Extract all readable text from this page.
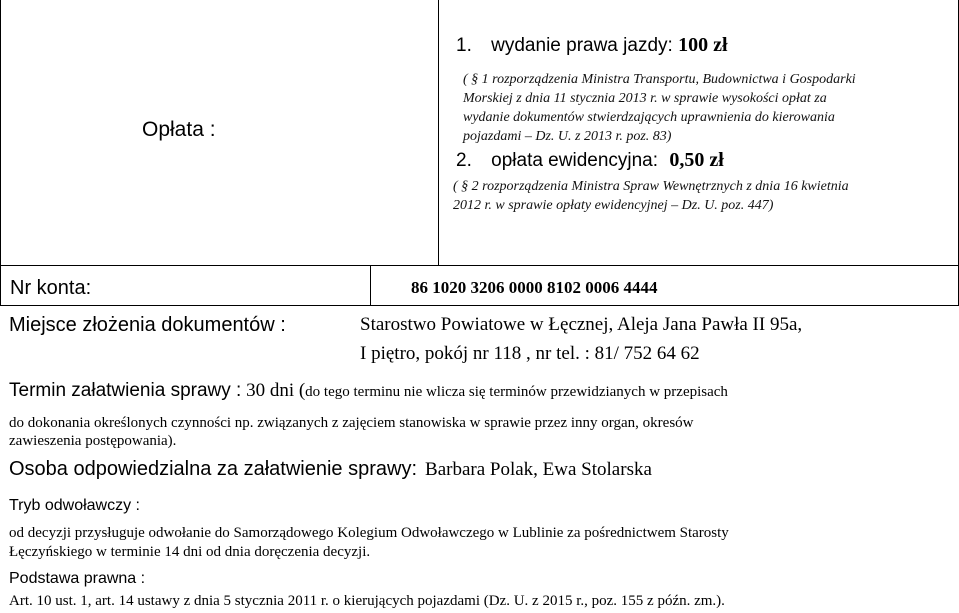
Opłata :
1. wydanie prawa jazdy: 100 zł
( § 1 rozporządzenia Ministra Transportu, Budownictwa i Gospodarki
Morskiej z dnia 11 stycznia 2013 r. w sprawie wysokości opłat za
wydanie dokumentów stwierdzających uprawnienia do kierowania
pojazdami – Dz. U. z 2013 r. poz. 83)
2. opłata ewidencyjna: 0,50 zł
( § 2 rozporządzenia Ministra Spraw Wewnętrznych z dnia 16 kwietnia
2012 r. w sprawie opłaty ewidencyjnej – Dz. U. poz. 447)
Nr konta:	86 1020 3206 0000 8102 0006 4444
Miejsce złożenia dokumentów :	Starostwo Powiatowe w Łęcznej, Aleja Jana Pawła II 95a,
I piętro, pokój nr 118 , nr tel. : 81/ 752 64 62
Termin załatwienia sprawy : 30 dni (do tego terminu nie wlicza się terminów przewidzianych w przepisach
do dokonania określonych czynności np. związanych z zajęciem stanowiska w sprawie przez inny organ, okresów
zawieszenia postępowania).
Osoba odpowiedzialna za załatwienie sprawy: Barbara Polak, Ewa Stolarska
Tryb odwoławczy :
od decyzji przysługuje odwołanie do Samorządowego Kolegium Odwoławczego w Lublinie za pośrednictwem Starosty
Łęczyńskiego w terminie 14 dni od dnia doręczenia decyzji.
Podstawa prawna :
Art. 10 ust. 1, art. 14 ustawy z dnia 5 stycznia 2011 r. o kierujących pojazdami (Dz. U. z 2015 r., poz. 155 z późn. zm.).
